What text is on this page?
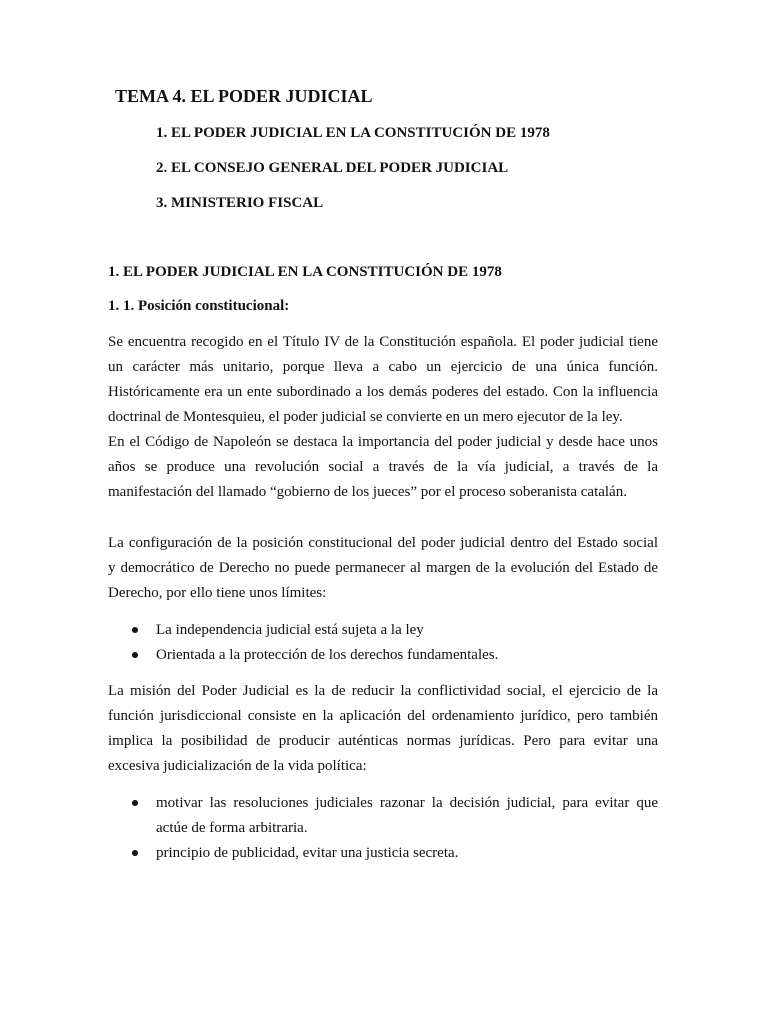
TEMA 4. EL PODER JUDICIAL
1. EL PODER JUDICIAL EN LA CONSTITUCIÓN DE 1978
2. EL CONSEJO GENERAL DEL PODER JUDICIAL
3. MINISTERIO FISCAL
1. EL PODER JUDICIAL EN LA CONSTITUCIÓN DE 1978
1. 1. Posición constitucional:
Se encuentra recogido en el Título IV de la Constitución española. El poder judicial tiene
un carácter más unitario, porque lleva a cabo un ejercicio de una única función.
Históricamente era un ente subordinado a los demás poderes del estado. Con la influencia
doctrinal de Montesquieu, el poder judicial se convierte en un mero ejecutor de la ley.
En el Código de Napoleón se destaca la importancia del poder judicial y desde hace unos
años se produce una revolución social a través de la vía judicial, a través de la
manifestación del llamado “gobierno de los jueces” por el proceso soberanista catalán.
La configuración de la posición constitucional del poder judicial dentro del Estado social
y democrático de Derecho no puede permanecer al margen de la evolución del Estado de
Derecho, por ello tiene unos límites:
La independencia judicial está sujeta a la ley
Orientada a la protección de los derechos fundamentales.
La misión del Poder Judicial es la de reducir la conflictividad social, el ejercicio de la
función jurisdiccional consiste en la aplicación del ordenamiento jurídico, pero también
implica la posibilidad de producir auténticas normas jurídicas. Pero para evitar una
excesiva judicialización de la vida política:
motivar las resoluciones judiciales razonar la decisión judicial, para evitar que
actúe de forma arbitraria.
principio de publicidad, evitar una justicia secreta.
